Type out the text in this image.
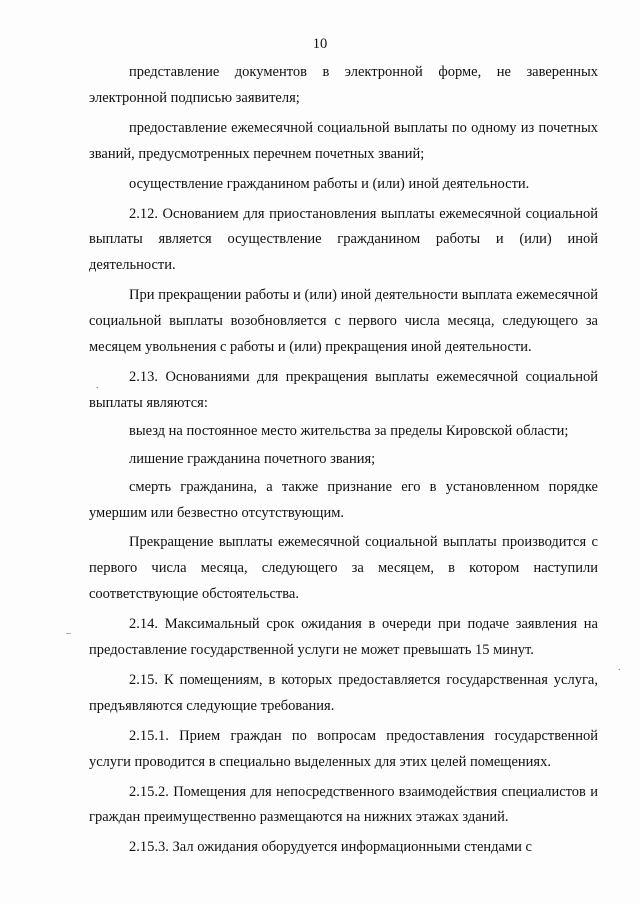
10

представление документов в электронной форме, не заверенных электронной подписью заявителя;

предоставление ежемесячной социальной выплаты по одному из почетных званий, предусмотренных перечнем почетных званий;

осуществление гражданином работы и (или) иной деятельности.

2.12. Основанием для приостановления выплаты ежемесячной социальной выплаты является осуществление гражданином работы и (или) иной деятельности.

При прекращении работы и (или) иной деятельности выплата ежемесячной социальной выплаты возобновляется с первого числа месяца, следующего за месяцем увольнения с работы и (или) прекращения иной деятельности.

2.13. Основаниями для прекращения выплаты ежемесячной социальной выплаты являются:

выезд на постоянное место жительства за пределы Кировской области;

лишение гражданина почетного звания;

смерть гражданина, а также признание его в установленном порядке умершим или безвестно отсутствующим.

Прекращение выплаты ежемесячной социальной выплаты производится с первого числа месяца, следующего за месяцем, в котором наступили соответствующие обстоятельства.

2.14. Максимальный срок ожидания в очереди при подаче заявления на предоставление государственной услуги не может превышать 15 минут.

2.15. К помещениям, в которых предоставляется государственная услуга, предъявляются следующие требования.

2.15.1. Прием граждан по вопросам предоставления государственной услуги проводится в специально выделенных для этих целей помещениях.

2.15.2. Помещения для непосредственного взаимодействия специалистов и граждан преимущественно размещаются на нижних этажах зданий.

2.15.3. Зал ожидания оборудуется информационными стендами с

–
.
.
